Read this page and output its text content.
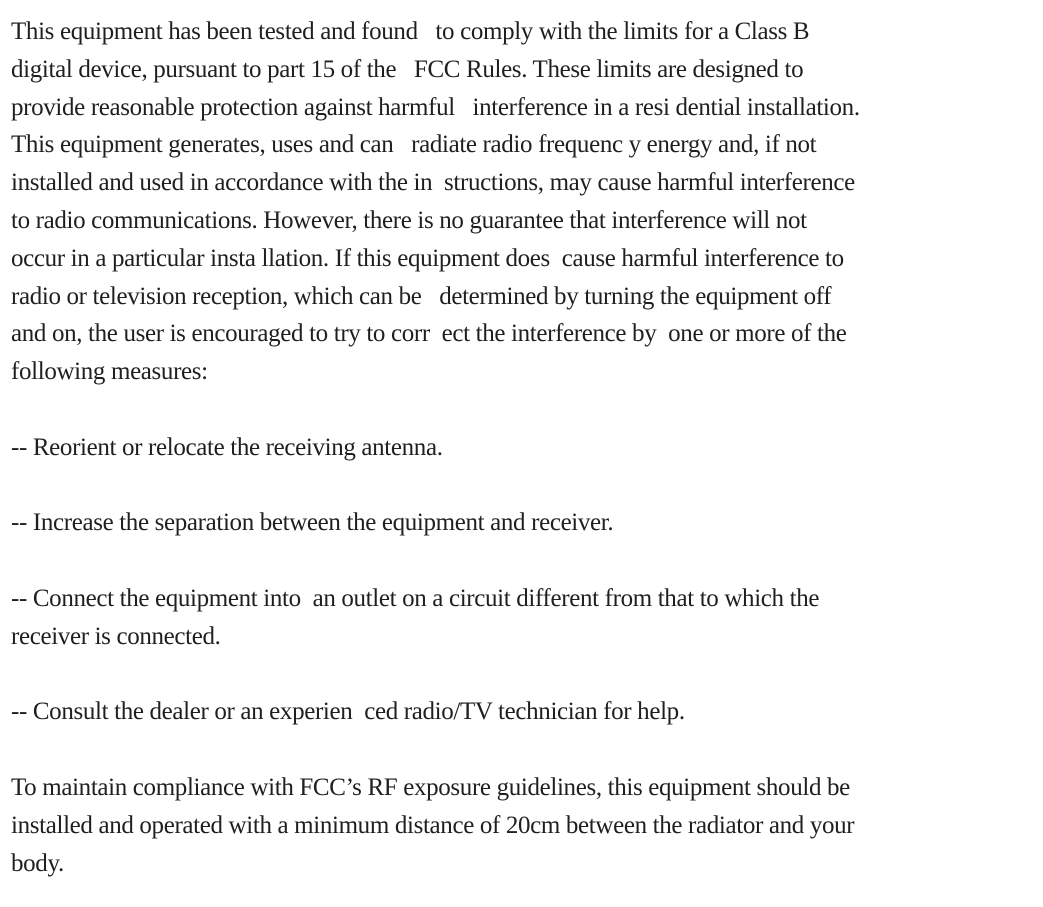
This equipment has been tested and found   to comply with the limits for a Class B
digital device, pursuant to part 15 of the   FCC Rules. These limits are designed to
provide reasonable protection against harmful   interference in a resi dential installation.
This equipment generates, uses and can   radiate radio frequenc y energy and, if not
installed and used in accordance with the in  structions, may cause harmful interference
to radio communications. However, there is no guarantee that interference will not
occur in a particular insta llation. If this equipment does  cause harmful interference to
radio or television reception, which can be   determined by turning the equipment off
and on, the user is encouraged to try to corr  ect the interference by  one or more of the
following measures:
-- Reorient or relocate the receiving antenna.
-- Increase the separation between the equipment and receiver.
-- Connect the equipment into  an outlet on a circuit different from that to which the
receiver is connected.
-- Consult the dealer or an experien  ced radio/TV technician for help.
To maintain compliance with FCC’s RF exposure guidelines, this equipment should be
installed and operated with a minimum distance of 20cm between the radiator and your
body.
